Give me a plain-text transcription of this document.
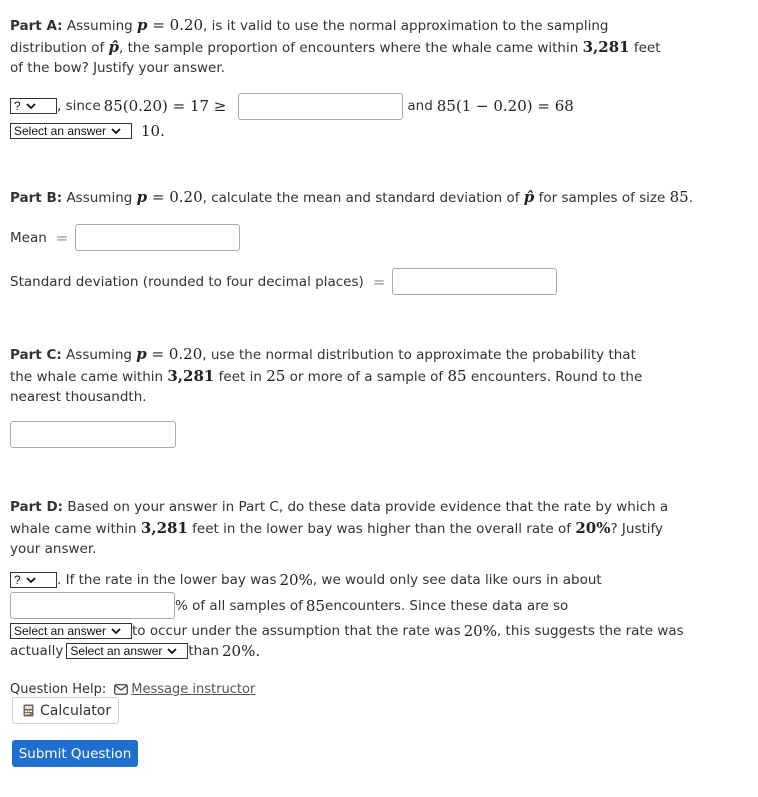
Part A: Assuming p = 0.20, is it valid to use the normal approximation to the sampling distribution of p̂, the sample proportion of encounters where the whale came within 3,281 feet of the bow? Justify your answer.
?	, since 85(0.20) = 17 ≥	and 85(1 − 0.20) = 68
Select an answer 10.
Part B: Assuming p = 0.20, calculate the mean and standard deviation of p̂ for samples of size 85.
Mean =
Standard deviation (rounded to four decimal places) =
Part C: Assuming p = 0.20, use the normal distribution to approximate the probability that the whale came within 3,281 feet in 25 or more of a sample of 85 encounters. Round to the nearest thousandth.
Part D: Based on your answer in Part C, do these data provide evidence that the rate by which a whale came within 3,281 feet in the lower bay was higher than the overall rate of 20%? Justify your answer.
?	. If the rate in the lower bay was 20% , we would only see data like ours in about
% of all samples of 85 encounters. Since these data are so
Select an answer to occur under the assumption that the rate was 20% , this suggests the rate was
actually Select an answer than 20%.
Question Help: Message instructor
Calculator
Submit Question
